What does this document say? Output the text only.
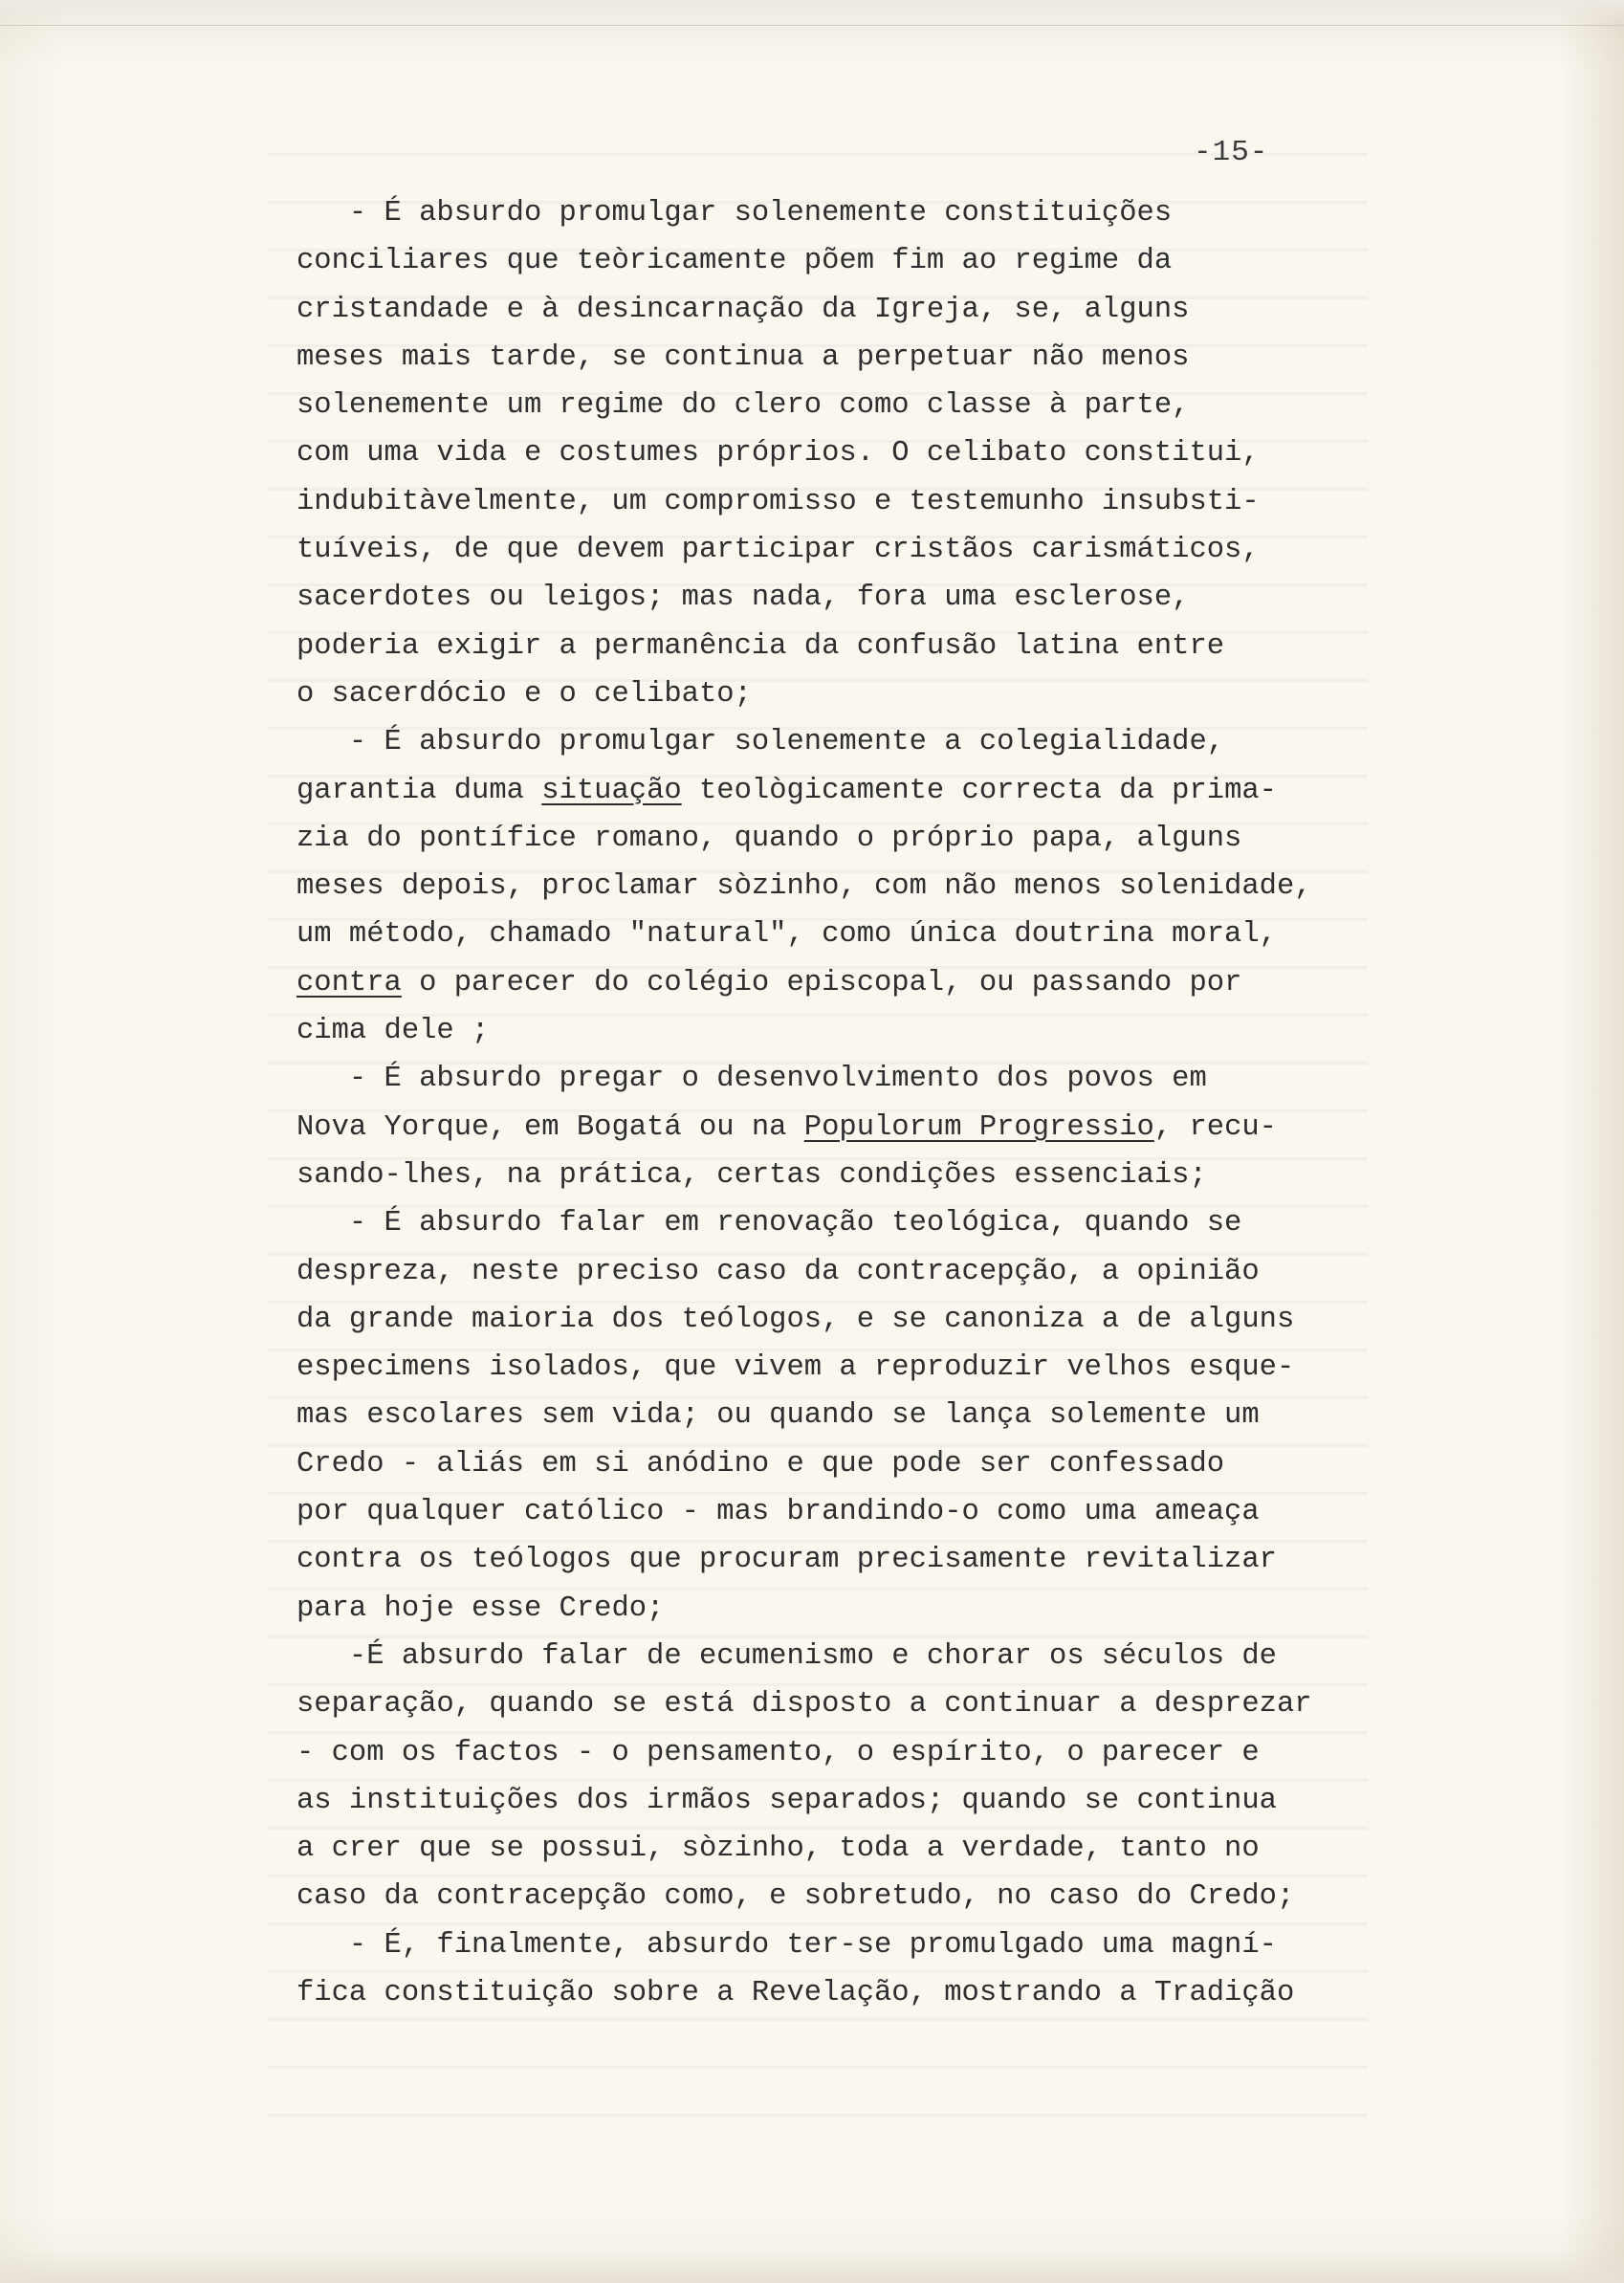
-15-
- É absurdo promulgar solenemente constituições
conciliares que teòricamente põem fim ao regime da
cristandade e à desincarnação da Igreja, se, alguns
meses mais tarde, se continua a perpetuar não menos
solenemente um regime do clero como classe à parte,
com uma vida e costumes próprios. O celibato constitui,
indubitàvelmente, um compromisso e testemunho insubsti-
tuíveis, de que devem participar cristãos carismáticos,
sacerdotes ou leigos; mas nada, fora uma esclerose,
poderia exigir a permanência da confusão latina entre
o sacerdócio e o celibato;
- É absurdo promulgar solenemente a colegialidade,
garantia duma situação teològicamente correcta da prima-
zia do pontífice romano, quando o próprio papa, alguns
meses depois, proclamar sòzinho, com não menos solenidade,
um método, chamado "natural", como única doutrina moral,
contra o parecer do colégio episcopal, ou passando por
cima dele ;
- É absurdo pregar o desenvolvimento dos povos em
Nova Yorque, em Bogatá ou na Populorum Progressio, recu-
sando-lhes, na prática, certas condições essenciais;
- É absurdo falar em renovação teológica, quando se
despreza, neste preciso caso da contracepção, a opinião
da grande maioria dos teólogos, e se canoniza a de alguns
especimens isolados, que vivem a reproduzir velhos esque-
mas escolares sem vida; ou quando se lança solemente um
Credo - aliás em si anódino e que pode ser confessado
por qualquer católico - mas brandindo-o como uma ameaça
contra os teólogos que procuram precisamente revitalizar
para hoje esse Credo;
-É absurdo falar de ecumenismo e chorar os séculos de
separação, quando se está disposto a continuar a desprezar
- com os factos - o pensamento, o espírito, o parecer e
as instituições dos irmãos separados; quando se continua
a crer que se possui, sòzinho, toda a verdade, tanto no
caso da contracepção como, e sobretudo, no caso do Credo;
- É, finalmente, absurdo ter-se promulgado uma magní-
fica constituição sobre a Revelação, mostrando a Tradição
